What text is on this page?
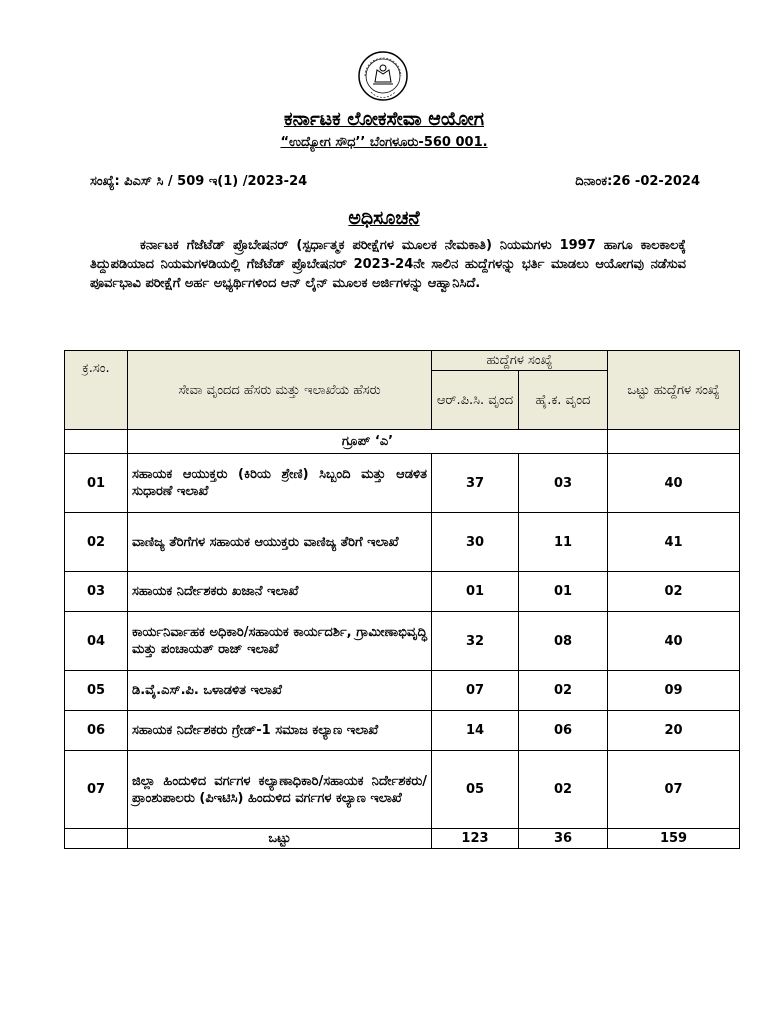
ಕರ್ನಾಟಕ ಲೋಕಸೇವಾ ಆಯೋಗ
“ಉದ್ಯೋಗ ಸೌಧ’’ ಬೆಂಗಳೂರು-560 001.
ಸಂಖ್ಯೆ: ಪಿಎಸ್ ಸಿ / 509 ಇ(1) /2023-24	ದಿನಾಂಕ:26 -02-2024
ಅಧಿಸೂಚನೆ
ಕರ್ನಾಟಕ ಗೆಜೆಟೆಡ್ ಪ್ರೊಬೇಷನರ್ (ಸ್ಪರ್ಧಾತ್ಮಕ ಪರೀಕ್ಷೆಗಳ ಮೂಲಕ ನೇಮಕಾತಿ) ನಿಯಮಗಳು 1997 ಹಾಗೂ ಕಾಲಕಾಲಕ್ಕೆ ತಿದ್ದುಪಡಿಯಾದ ನಿಯಮಗಳಡಿಯಲ್ಲಿ ಗೆಜೆಟೆಡ್ ಪ್ರೊಬೇಷನರ್ 2023-24ನೇ ಸಾಲಿನ ಹುದ್ದೆಗಳನ್ನು ಭರ್ತಿ ಮಾಡಲು ಆಯೋಗವು ನಡೆಸುವ ಪೂರ್ವಭಾವಿ ಪರೀಕ್ಷೆಗೆ ಅರ್ಹ ಅಭ್ಯರ್ಥಿಗಳಿಂದ ಆನ್ ಲೈನ್ ಮೂಲಕ ಅರ್ಜಿಗಳನ್ನು ಆಹ್ವಾನಿಸಿದೆ.
ಕ್ರ.ಸಂ.	ಸೇವಾ ವೃಂದದ ಹೆಸರು ಮತ್ತು ಇಲಾಖೆಯ ಹೆಸರು	ಹುದ್ದೆಗಳ ಸಂಖ್ಯೆ		ಒಟ್ಟು ಹುದ್ದೆಗಳ ಸಂಖ್ಯೆ
		ಆರ್.ಪಿ.ಸಿ. ವೃಂದ	ಹೈ.ಕ. ವೃಂದ	
	ಗ್ರೂಪ್ ‘ಎ’			
01	ಸಹಾಯಕ ಆಯುಕ್ತರು (ಕಿರಿಯ ಶ್ರೇಣಿ) ಸಿಬ್ಬಂದಿ ಮತ್ತು ಆಡಳಿತ ಸುಧಾರಣೆ ಇಲಾಖೆ	37	03	40
02	ವಾಣಿಜ್ಯ ತೆರಿಗೆಗಳ ಸಹಾಯಕ ಆಯುಕ್ತರು ವಾಣಿಜ್ಯ ತೆರಿಗೆ ಇಲಾಖೆ	30	11	41
03	ಸಹಾಯಕ ನಿರ್ದೇಶಕರು ಖಜಾನೆ ಇಲಾಖೆ	01	01	02
04	ಕಾರ್ಯನಿರ್ವಾಹಕ ಅಧಿಕಾರಿ/ಸಹಾಯಕ ಕಾರ್ಯದರ್ಶಿ, ಗ್ರಾಮೀಣಾಭಿವೃದ್ಧಿ ಮತ್ತು ಪಂಚಾಯತ್ ರಾಜ್ ಇಲಾಖೆ	32	08	40
05	ಡಿ.ವೈ.ಎಸ್.ಪಿ. ಒಳಾಡಳಿತ ಇಲಾಖೆ	07	02	09
06	ಸಹಾಯಕ ನಿರ್ದೇಶಕರು ಗ್ರೇಡ್-1 ಸಮಾಜ ಕಲ್ಯಾಣ ಇಲಾಖೆ	14	06	20
07	ಜಿಲ್ಲಾ ಹಿಂದುಳಿದ ವರ್ಗಗಳ ಕಲ್ಯಾಣಾಧಿಕಾರಿ/ಸಹಾಯಕ ನಿರ್ದೇಶಕರು/ಪ್ರಾಂಶುಪಾಲರು (ಪಿಇಟಿಸಿ) ಹಿಂದುಳಿದ ವರ್ಗಗಳ ಕಲ್ಯಾಣ ಇಲಾಖೆ	05	02	07
	ಒಟ್ಟು	123	36	159
